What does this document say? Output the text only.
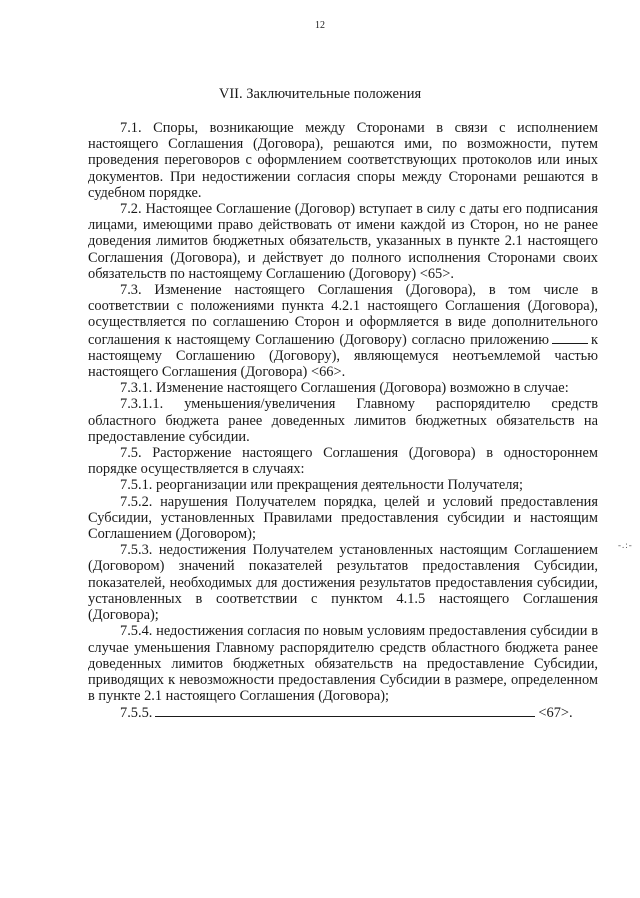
12
VII. Заключительные положения

7.1. Споры, возникающие между Сторонами в связи с исполнением настоящего Соглашения (Договора), решаются ими, по возможности, путем проведения переговоров с оформлением соответствующих протоколов или иных документов. При недостижении согласия споры между Сторонами решаются в судебном порядке.

7.2. Настоящее Соглашение (Договор) вступает в силу с даты его подписания лицами, имеющими право действовать от имени каждой из Сторон, но не ранее доведения лимитов бюджетных обязательств, указанных в пункте 2.1 настоящего Соглашения (Договора), и действует до полного исполнения Сторонами своих обязательств по настоящему Соглашению (Договору) <65>.

7.3. Изменение настоящего Соглашения (Договора), в том числе в соответствии с положениями пункта 4.2.1 настоящего Соглашения (Договора), осуществляется по соглашению Сторон и оформляется в виде дополнительного соглашения к настоящему Соглашению (Договору) согласно приложению	к настоящему Соглашению (Договору), являющемуся неотъемлемой частью настоящего Соглашения (Договора) <66>.

7.3.1. Изменение настоящего Соглашения (Договора) возможно в случае:

7.3.1.1. уменьшения/увеличения Главному распорядителю средств областного бюджета ранее доведенных лимитов бюджетных обязательств на предоставление субсидии.

7.5. Расторжение настоящего Соглашения (Договора) в одностороннем порядке осуществляется в случаях:

7.5.1. реорганизации или прекращения деятельности Получателя;

7.5.2. нарушения Получателем порядка, целей и условий предоставления Субсидии, установленных Правилами предоставления субсидии и настоящим Соглашением (Договором);

7.5.3. недостижения Получателем установленных настоящим Соглашением (Договором) значений показателей результатов предоставления Субсидии, показателей, необходимых для достижения результатов предоставления субсидии, установленных в соответствии с пунктом 4.1.5 настоящего Соглашения (Договора);

7.5.4. недостижения согласия по новым условиям предоставления субсидии в случае уменьшения Главному распорядителю средств областного бюджета ранее доведенных лимитов бюджетных обязательств на предоставление Субсидии, приводящих к невозможности предоставления Субсидии в размере, определенном в пункте 2.1 настоящего Соглашения (Договора);

7.5.5.	<67>.

-.:-
